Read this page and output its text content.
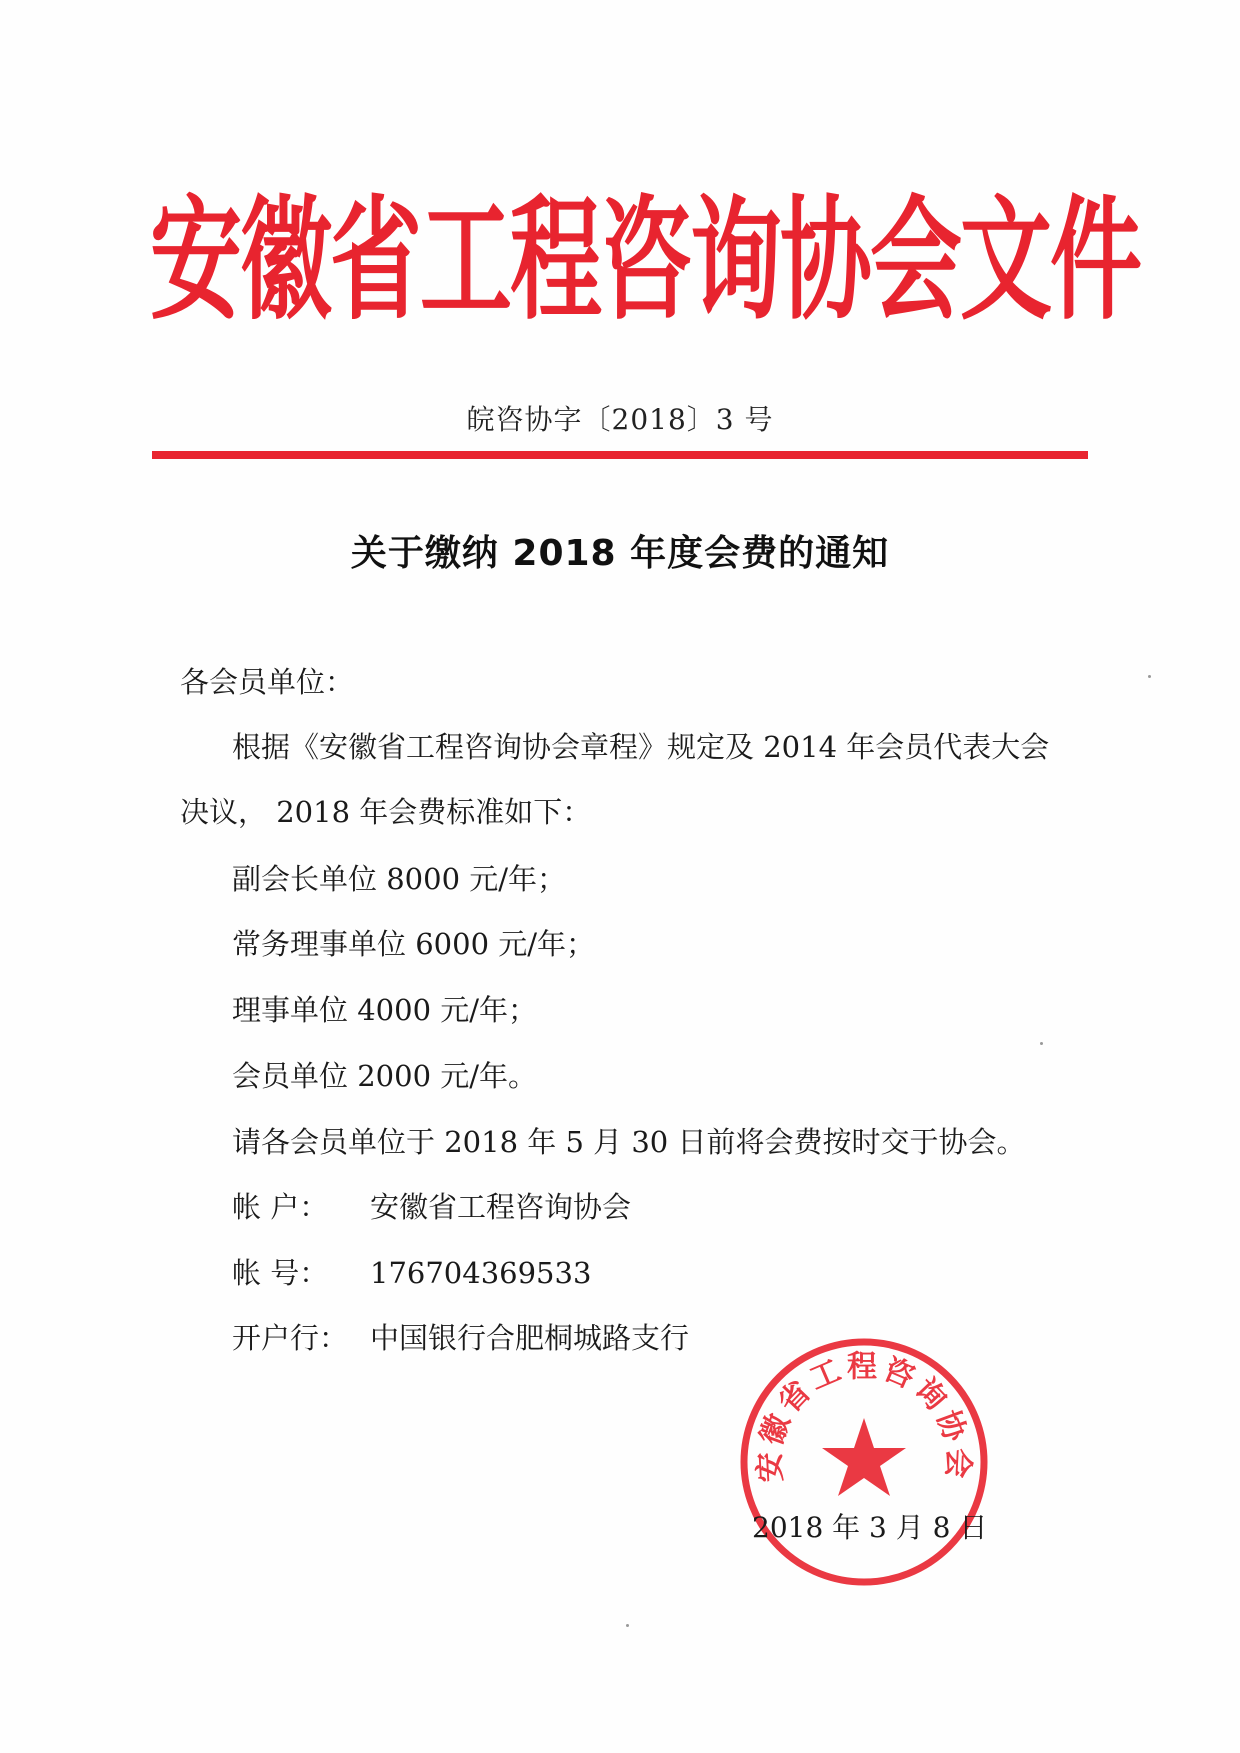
安徽省工程咨询协会文件
皖咨协字〔2018〕3 号
关于缴纳 2018 年度会费的通知
各会员单位：
根据《安徽省工程咨询协会章程》规定及 2014 年会员代表大会
决议， 2018 年会费标准如下：
副会长单位 8000 元/年；
常务理事单位 6000 元/年；
理事单位 4000 元/年；
会员单位 2000 元/年。
请各会员单位于 2018 年 5 月 30 日前将会费按时交于协会。
帐 户： 安徽省工程咨询协会
帐 号：176704369533
开户行：中国银行合肥桐城路支行
安徽省工程咨询协会
2018 年 3 月 8 日
